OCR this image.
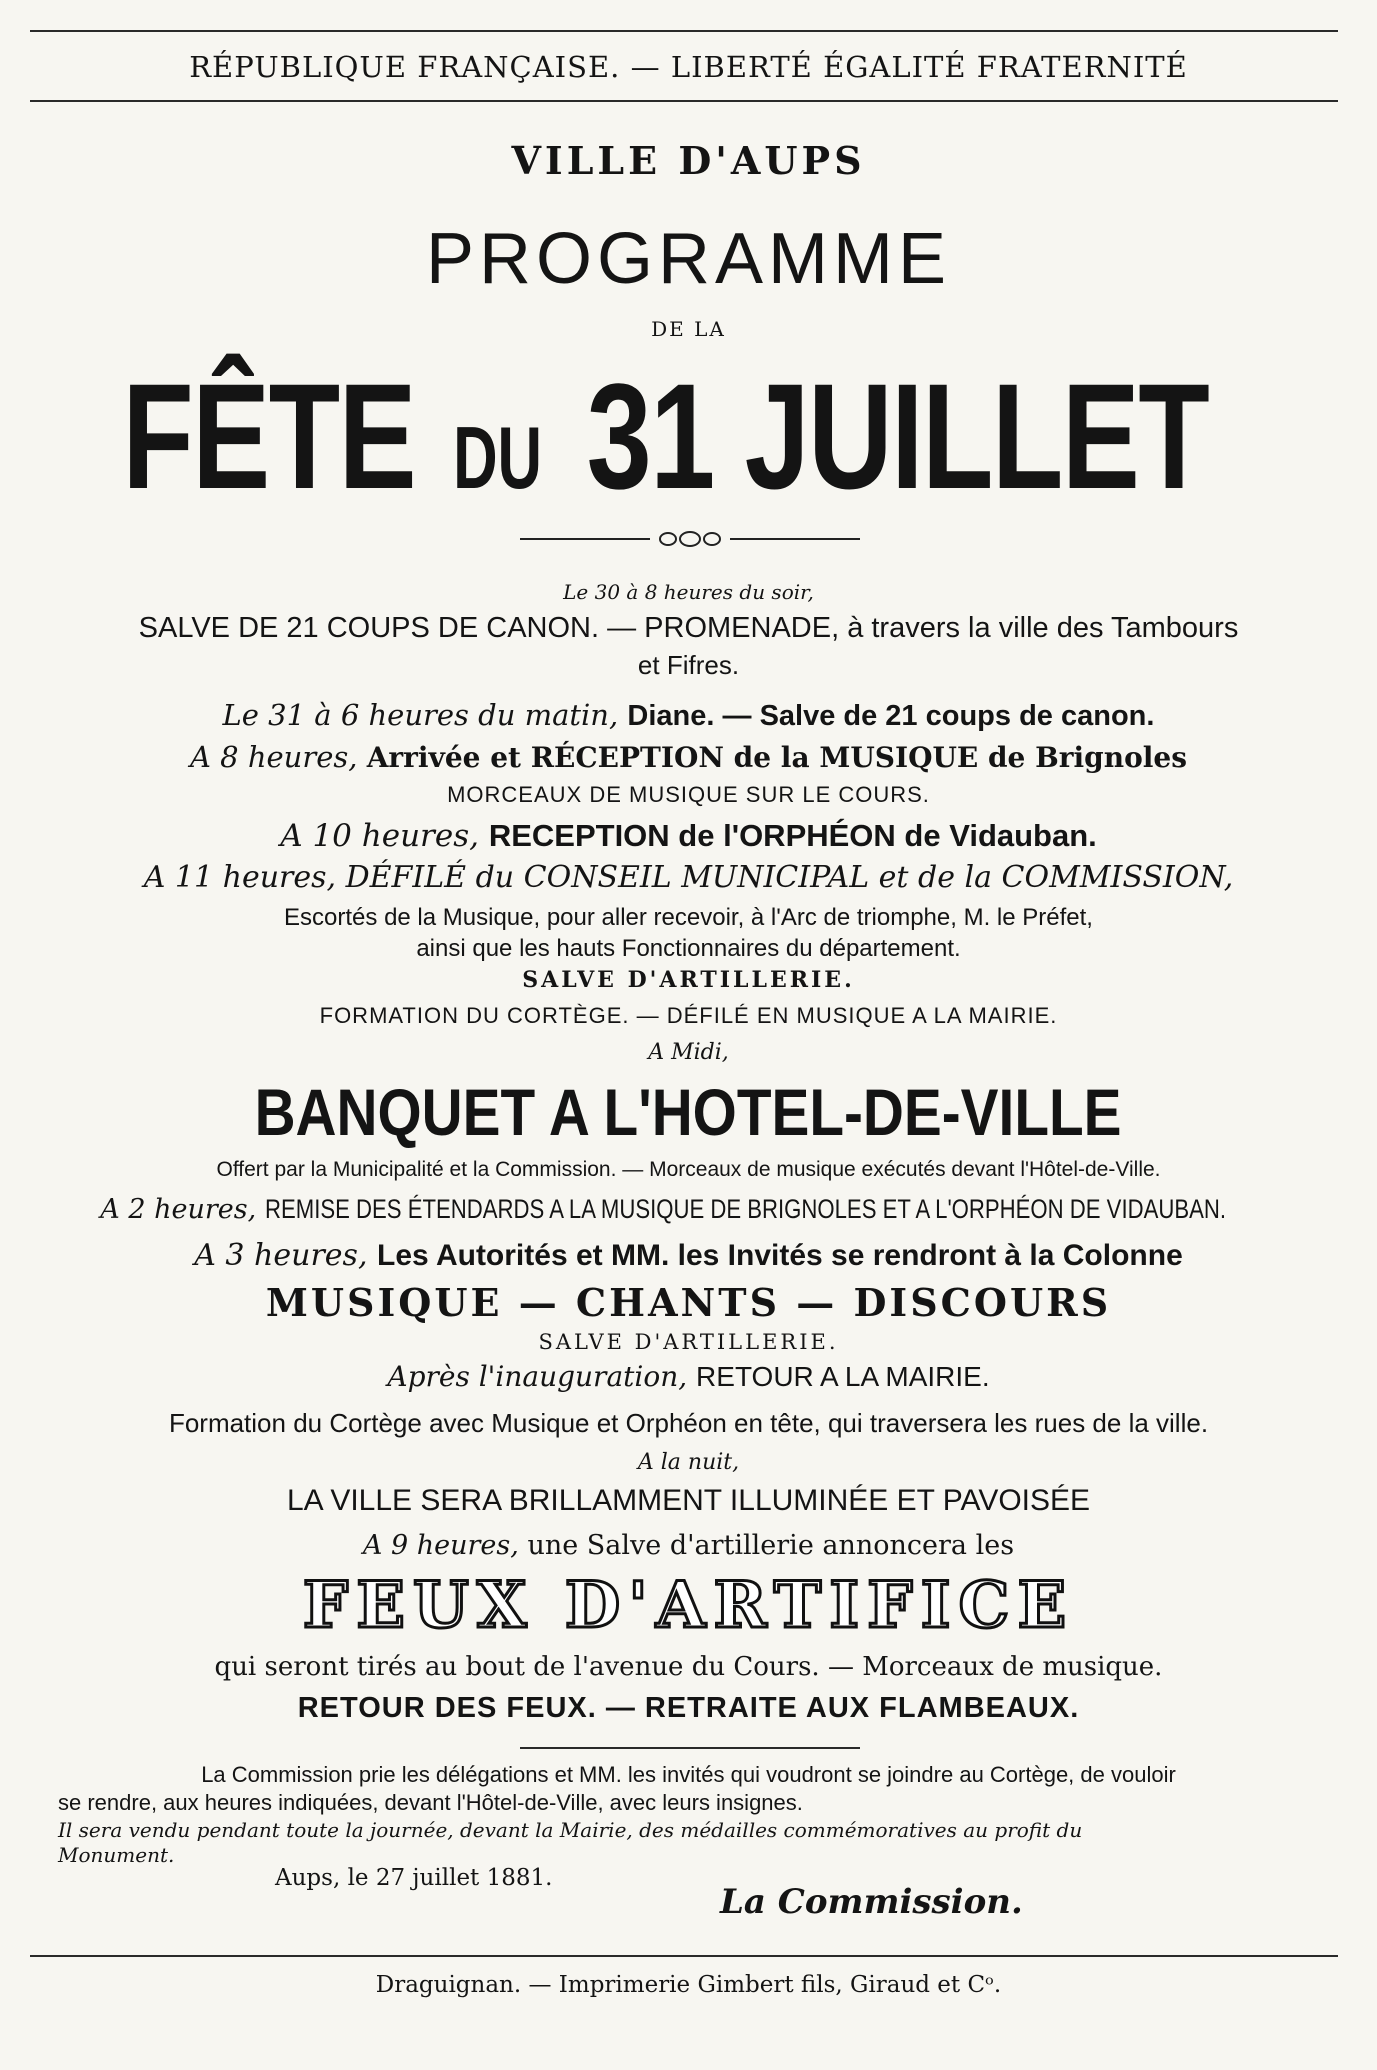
RÉPUBLIQUE FRANÇAISE. — LIBERTÉ ÉGALITÉ FRATERNITÉ
VILLE D'AUPS
PROGRAMME
DE LA
FÊTE DU 31 JUILLET
Le 30 à 8 heures du soir,
SALVE DE 21 COUPS DE CANON. — PROMENADE, à travers la ville des Tambours
et Fifres.
Le 31 à 6 heures du matin, Diane. — Salve de 21 coups de canon.
A 8 heures, Arrivée et RÉCEPTION de la MUSIQUE de Brignoles
MORCEAUX DE MUSIQUE SUR LE COURS.
A 10 heures, RECEPTION de l'ORPHÉON de Vidauban.
A 11 heures, DÉFILÉ du CONSEIL MUNICIPAL et de la COMMISSION,
Escortés de la Musique, pour aller recevoir, à l'Arc de triomphe, M. le Préfet,
ainsi que les hauts Fonctionnaires du département.
SALVE D'ARTILLERIE.
FORMATION DU CORTÈGE. — DÉFILÉ EN MUSIQUE A LA MAIRIE.
A Midi,
BANQUET A L'HOTEL-DE-VILLE
Offert par la Municipalité et la Commission. — Morceaux de musique exécutés devant l'Hôtel-de-Ville.
A 2 heures, REMISE DES ÉTENDARDS A LA MUSIQUE DE BRIGNOLES ET A L'ORPHÉON DE VIDAUBAN.
A 3 heures, Les Autorités et MM. les Invités se rendront à la Colonne
MUSIQUE — CHANTS — DISCOURS
SALVE D'ARTILLERIE.
Après l'inauguration, RETOUR A LA MAIRIE.
Formation du Cortège avec Musique et Orphéon en tête, qui traversera les rues de la ville.
A la nuit,
LA VILLE SERA BRILLAMMENT ILLUMINÉE ET PAVOISÉE
A 9 heures, une Salve d'artillerie annoncera les
FEUX D'ARTIFICE
qui seront tirés au bout de l'avenue du Cours. — Morceaux de musique.
RETOUR DES FEUX. — RETRAITE AUX FLAMBEAUX.
La Commission prie les délégations et MM. les invités qui voudront se joindre au Cortège, de vouloir
se rendre, aux heures indiquées, devant l'Hôtel-de-Ville, avec leurs insignes.
Il sera vendu pendant toute la journée, devant la Mairie, des médailles commémoratives au profit du
Monument.
Aups, le 27 juillet 1881.
La Commission.
Draguignan. — Imprimerie Gimbert fils, Giraud et Cᵒ.
